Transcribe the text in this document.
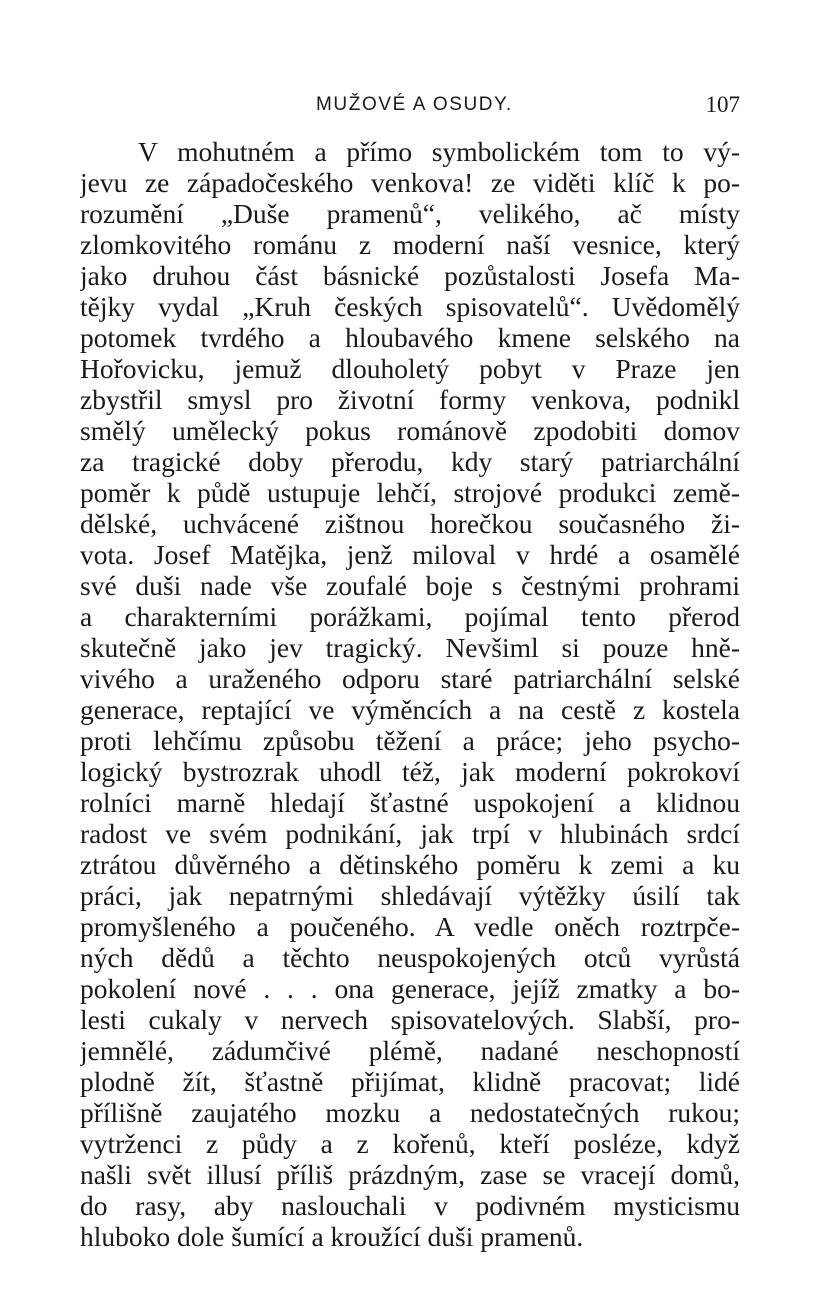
MUŽOVÉ A OSUDY.	107
V mohutném a přímo symbolickém tom to vý-
jevu ze západočeského venkova! ze viděti klíč k po-
rozumění „Duše pramenů“, velikého, ač místy
zlomkovitého románu z moderní naší vesnice, který
jako druhou část básnické pozůstalosti Josefa Ma-
tějky vydal „Kruh českých spisovatelů“. Uvědomělý
potomek tvrdého a hloubavého kmene selského na
Hořovicku, jemuž dlouholetý pobyt v Praze jen
zbystřil smysl pro životní formy venkova, podnikl
smělý umělecký pokus románově zpodobiti domov
za tragické doby přerodu, kdy starý patriarchální
poměr k půdě ustupuje lehčí, strojové produkci země-
dělské, uchvácené zištnou horečkou současného ži-
vota. Josef Matějka, jenž miloval v hrdé a osamělé
své duši nade vše zoufalé boje s čestnými prohrami
a charakterními porážkami, pojímal tento přerod
skutečně jako jev tragický. Nevšiml si pouze hně-
vivého a uraženého odporu staré patriarchální selské
generace, reptající ve výměncích a na cestě z kostela
proti lehčímu způsobu těžení a práce; jeho psycho-
logický bystrozrak uhodl též, jak moderní pokrokoví
rolníci marně hledají šťastné uspokojení a klidnou
radost ve svém podnikání, jak trpí v hlubinách srdcí
ztrátou důvěrného a dětinského poměru k zemi a ku
práci, jak nepatrnými shledávají výtěžky úsilí tak
promyšleného a poučeného. A vedle oněch roztrpče-
ných dědů a těchto neuspokojených otců vyrůstá
pokolení nové . . . ona generace, jejíž zmatky a bo-
lesti cukaly v nervech spisovatelových. Slabší, pro-
jemnělé, zádumčivé plémě, nadané neschopností
plodně žít, šťastně přijímat, klidně pracovat; lidé
přílišně zaujatého mozku a nedostatečných rukou;
vytrženci z půdy a z kořenů, kteří posléze, když
našli svět illusí příliš prázdným, zase se vracejí domů,
do rasy, aby naslouchali v podivném mysticismu
hluboko dole šumící a kroužící duši pramenů.
